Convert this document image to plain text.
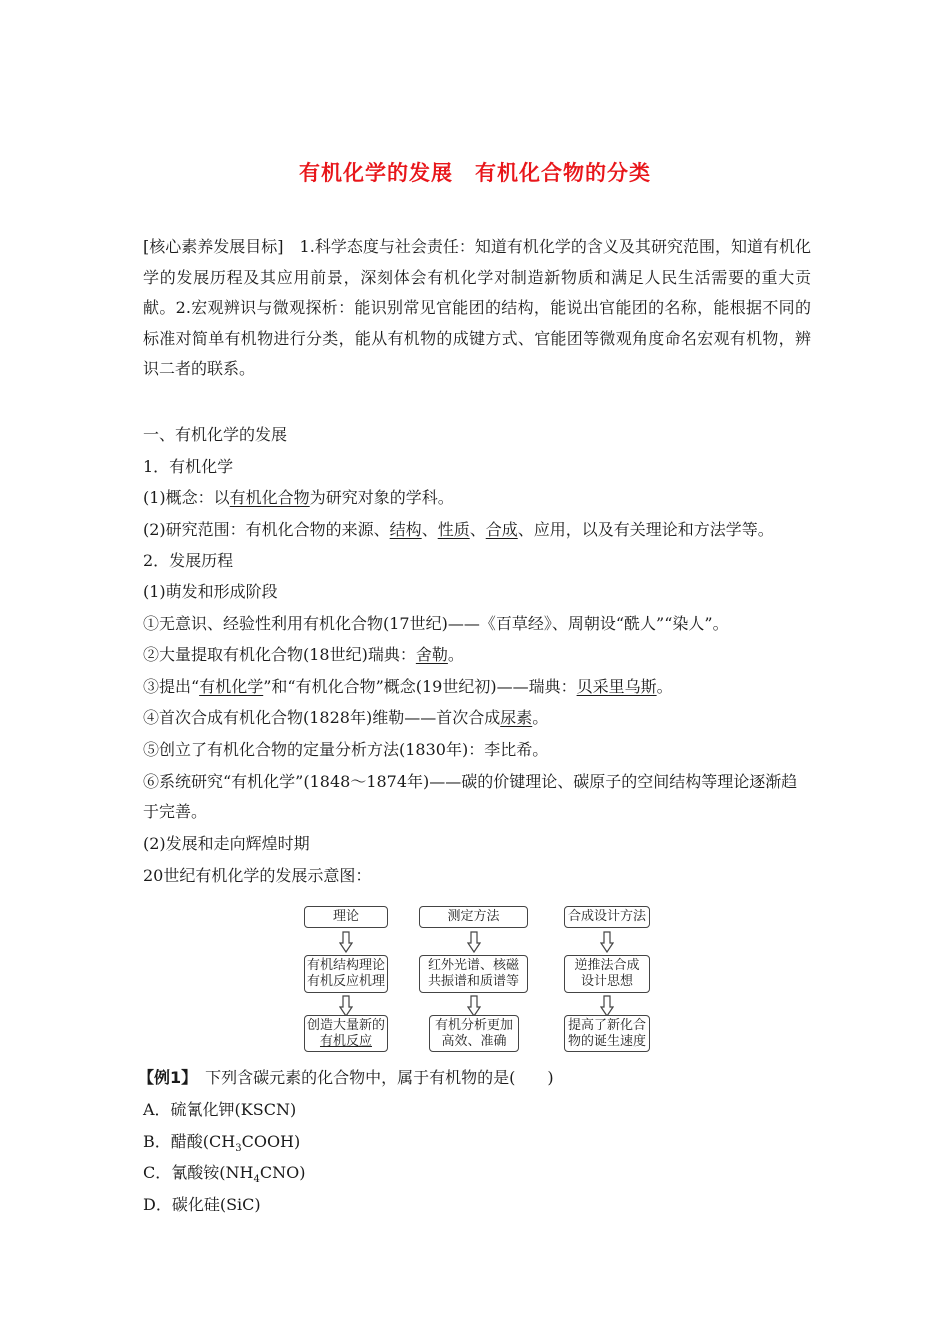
有机化学的发展　有机化合物的分类

[核心素养发展目标]　1.科学态度与社会责任：知道有机化学的含义及其研究范围，知道有机化学的发展历程及其应用前景，深刻体会有机化学对制造新物质和满足人民生活需要的重大贡献。2.宏观辨识与微观探析：能识别常见官能团的结构，能说出官能团的名称，能根据不同的标准对简单有机物进行分类，能从有机物的成键方式、官能团等微观角度命名宏观有机物，辨识二者的联系。

一、有机化学的发展

1．有机化学

(1)概念：以有机化合物为研究对象的学科。

(2)研究范围：有机化合物的来源、结构、性质、合成、应用，以及有关理论和方法学等。

2．发展历程

(1)萌发和形成阶段

①无意识、经验性利用有机化合物(17世纪)——《百草经》、周朝设“酰人”“染人”。

②大量提取有机化合物(18世纪)瑞典：舍勒。

③提出“有机化学”和“有机化合物”概念(19世纪初)——瑞典：贝采里乌斯。

④首次合成有机化合物(1828年)维勒——首次合成尿素。

⑤创立了有机化合物的定量分析方法(1830年)：李比希。

⑥系统研究“有机化学”(1848～1874年)——碳的价键理论、碳原子的空间结构等理论逐渐趋于完善。

(2)发展和走向辉煌时期

20世纪有机化学的发展示意图：

理论
有机结构理论
有机反应机理
创造大量新的
有机反应
测定方法
红外光谱、核磁
共振谱和质谱等
有机分析更加
高效、准确
合成设计方法
逆推法合成
设计思想
提高了新化合
物的诞生速度

【例1】　下列含碳元素的化合物中，属于有机物的是(　　)

A．硫氰化钾(KSCN)

B．醋酸$(CH_3COOH)$

C．氰酸铵$(NH_4CNO)$

D．碳化硅(SiC)
